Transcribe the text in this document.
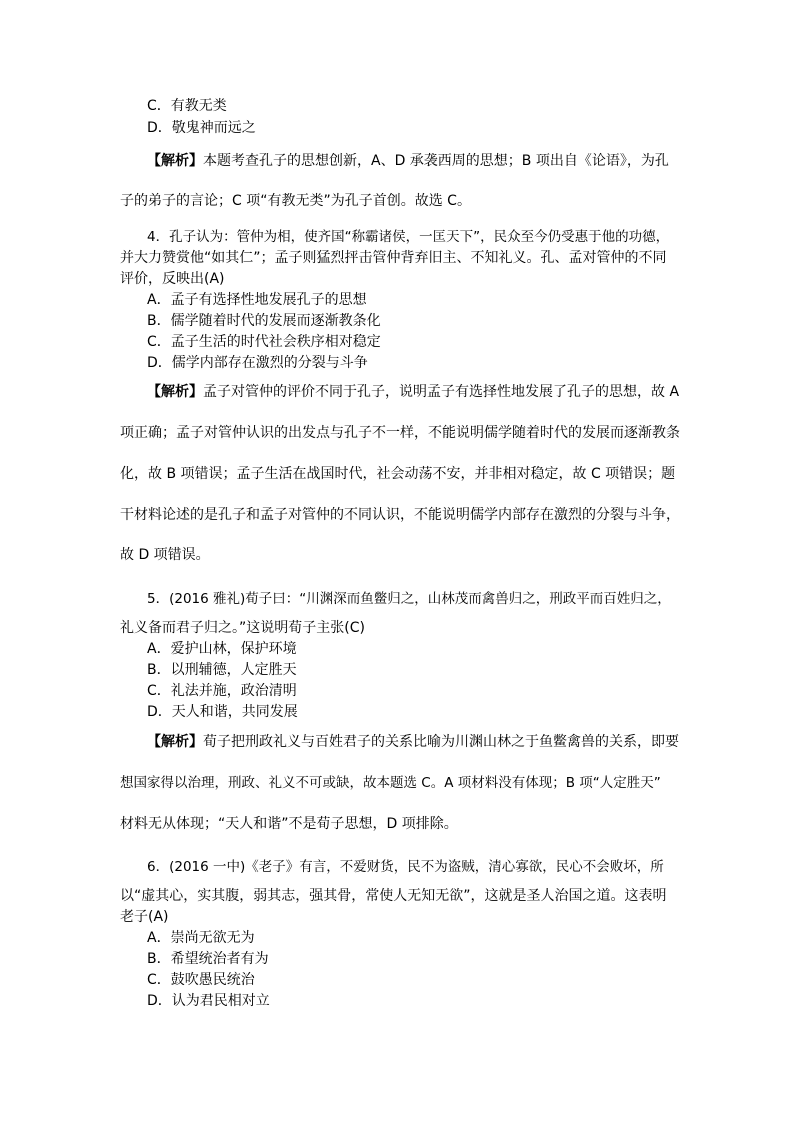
C．有教无类
D．敬鬼神而远之
【解析】本题考查孔子的思想创新，A、D 承袭西周的思想；B 项出自《论语》，为孔
子的弟子的言论；C 项“有教无类”为孔子首创。故选 C。
4．孔子认为：管仲为相，使齐国“称霸诸侯，一匡天下”，民众至今仍受惠于他的功德，
并大力赞赏他“如其仁”；孟子则猛烈抨击管仲背弃旧主、不知礼义。孔、孟对管仲的不同
评价，反映出(A)
A．孟子有选择性地发展孔子的思想
B．儒学随着时代的发展而逐渐教条化
C．孟子生活的时代社会秩序相对稳定
D．儒学内部存在激烈的分裂与斗争
【解析】孟子对管仲的评价不同于孔子，说明孟子有选择性地发展了孔子的思想，故 A
项正确；孟子对管仲认识的出发点与孔子不一样，不能说明儒学随着时代的发展而逐渐教条
化，故 B 项错误；孟子生活在战国时代，社会动荡不安，并非相对稳定，故 C 项错误；题
干材料论述的是孔子和孟子对管仲的不同认识，不能说明儒学内部存在激烈的分裂与斗争，
故 D 项错误。
5．(2016 雅礼)荀子曰：“川渊深而鱼鳖归之，山林茂而禽兽归之，刑政平而百姓归之，
礼义备而君子归之。”这说明荀子主张(C)
A．爱护山林，保护环境
B．以刑辅德，人定胜天
C．礼法并施，政治清明
D．天人和谐，共同发展
【解析】荀子把刑政礼义与百姓君子的关系比喻为川渊山林之于鱼鳖禽兽的关系，即要
想国家得以治理，刑政、礼义不可或缺，故本题选 C。A 项材料没有体现；B 项“人定胜天”
材料无从体现；“天人和谐”不是荀子思想，D 项排除。
6．(2016 一中)《老子》有言，不爱财货，民不为盗贼，清心寡欲，民心不会败坏，所
以“虚其心，实其腹，弱其志，强其骨，常使人无知无欲”，这就是圣人治国之道。这表明
老子(A)
A．崇尚无欲无为
B．希望统治者有为
C．鼓吹愚民统治
D．认为君民相对立
